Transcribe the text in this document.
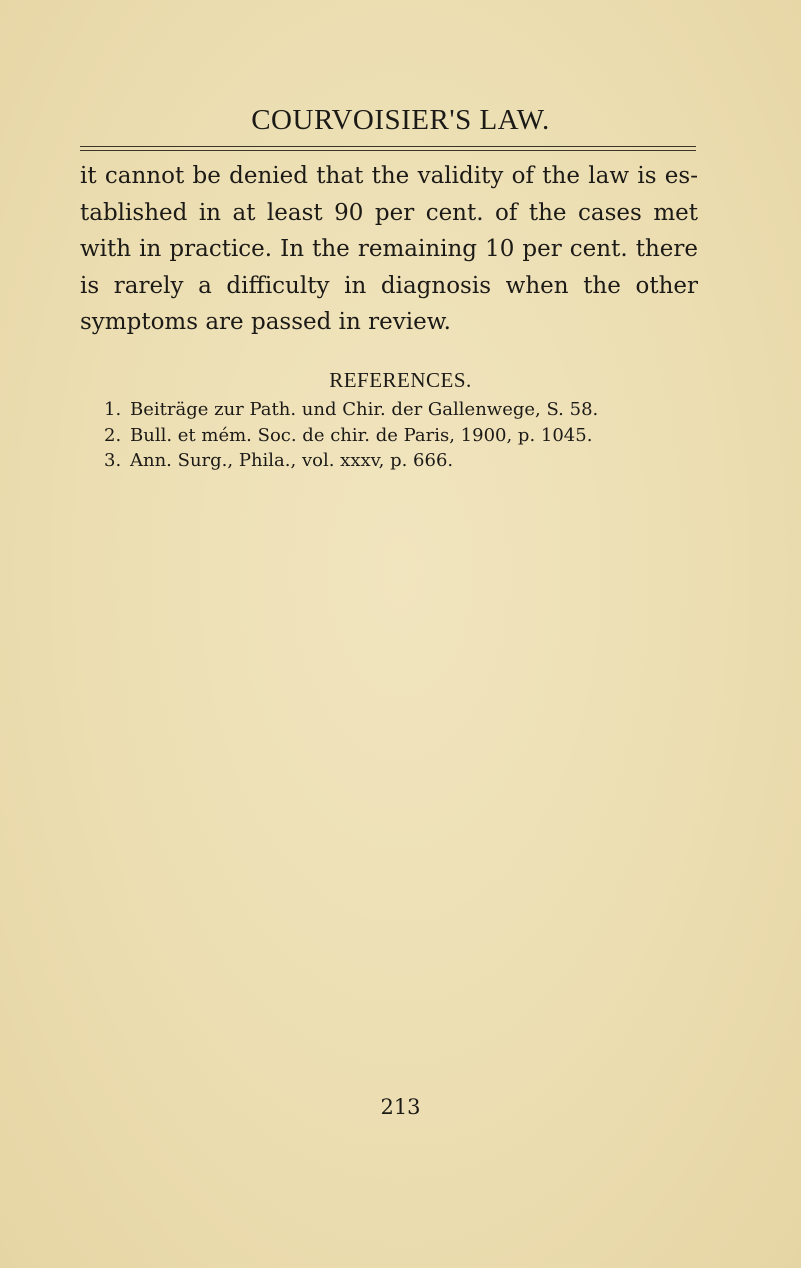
COURVOISIER'S LAW.

it cannot be denied that the validity of the law is es- tablished in at least 90 per cent. of the cases met with in practice. In the remaining 10 per cent. there is rarely a difficulty in diagnosis when the other symptoms are passed in review.

REFERENCES.
1. Beiträge zur Path. und Chir. der Gallenwege, S. 58.
2. Bull. et mém. Soc. de chir. de Paris, 1900, p. 1045.
3. Ann. Surg., Phila., vol. xxxv, p. 666.
213
